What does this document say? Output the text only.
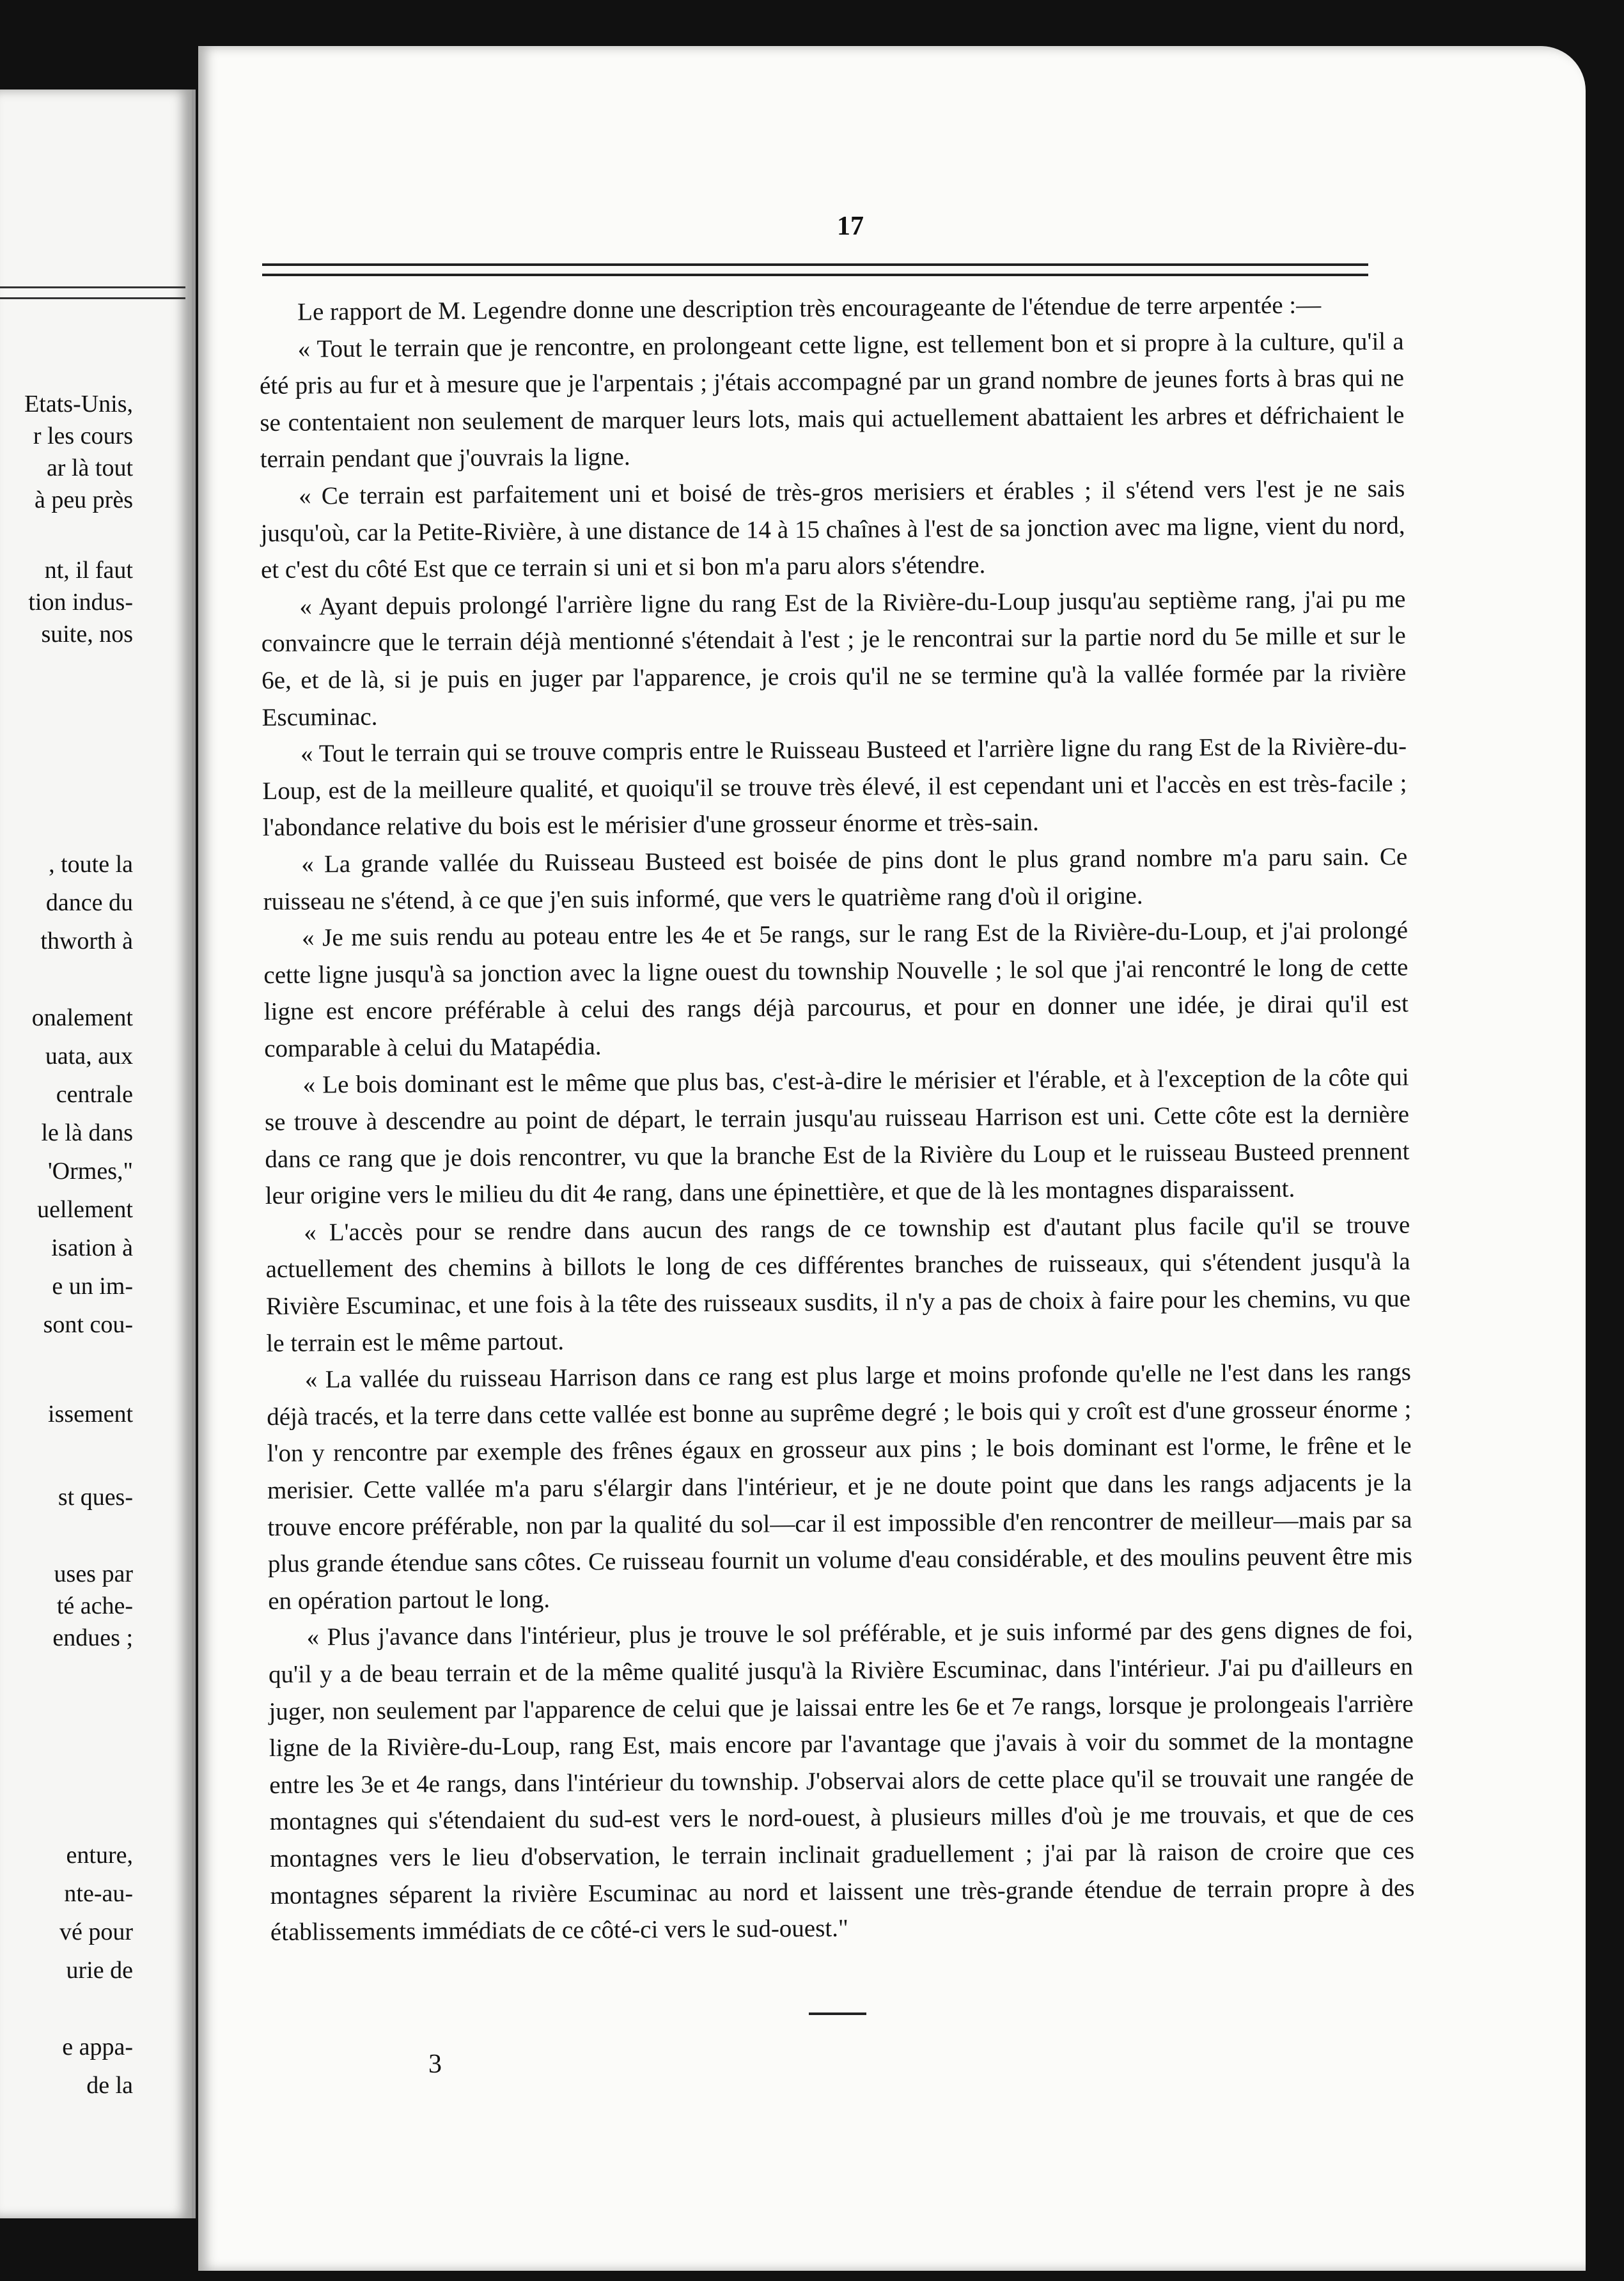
Etats-Unis,
r les cours
ar là tout
à peu près
nt, il faut
tion indus-
suite, nos
, toute la
dance du
thworth à
onalement
uata, aux
centrale
le là dans
'Ormes,"
uellement
isation à
e un im-
sont cou-
issement
st ques-
uses par
té ache-
endues ;
enture,
nte-au-
vé pour
urie de
e appa-
de la
17

Le rapport de M. Legendre donne une description très encourageante de l'étendue de terre arpentée :—

« Tout le terrain que je rencontre, en prolongeant cette ligne, est tellement bon et si propre à la culture, qu'il a été pris au fur et à mesure que je l'arpentais ; j'étais accompagné par un grand nombre de jeunes forts à bras qui ne se contentaient non seulement de marquer leurs lots, mais qui actuellement abattaient les arbres et défrichaient le terrain pendant que j'ouvrais la ligne.

« Ce terrain est parfaitement uni et boisé de très-gros merisiers et érables ; il s'étend vers l'est je ne sais jusqu'où, car la Petite-Rivière, à une distance de 14 à 15 chaînes à l'est de sa jonction avec ma ligne, vient du nord, et c'est du côté Est que ce terrain si uni et si bon m'a paru alors s'étendre.

« Ayant depuis prolongé l'arrière ligne du rang Est de la Rivière-du-Loup jusqu'au septième rang, j'ai pu me convaincre que le terrain déjà mentionné s'étendait à l'est ; je le rencontrai sur la partie nord du 5e mille et sur le 6e, et de là, si je puis en juger par l'apparence, je crois qu'il ne se termine qu'à la vallée formée par la rivière Escuminac.

« Tout le terrain qui se trouve compris entre le Ruisseau Busteed et l'arrière ligne du rang Est de la Rivière-du-Loup, est de la meilleure qualité, et quoiqu'il se trouve très élevé, il est cependant uni et l'accès en est très-facile ; l'abondance relative du bois est le mérisier d'une grosseur énorme et très-sain.

« La grande vallée du Ruisseau Busteed est boisée de pins dont le plus grand nombre m'a paru sain. Ce ruisseau ne s'étend, à ce que j'en suis informé, que vers le quatrième rang d'où il origine.

« Je me suis rendu au poteau entre les 4e et 5e rangs, sur le rang Est de la Rivière-du-Loup, et j'ai prolongé cette ligne jusqu'à sa jonction avec la ligne ouest du township Nouvelle ; le sol que j'ai rencontré le long de cette ligne est encore préférable à celui des rangs déjà parcourus, et pour en donner une idée, je dirai qu'il est comparable à celui du Matapédia.

« Le bois dominant est le même que plus bas, c'est-à-dire le mérisier et l'érable, et à l'exception de la côte qui se trouve à descendre au point de départ, le terrain jusqu'au ruisseau Harrison est uni. Cette côte est la dernière dans ce rang que je dois rencontrer, vu que la branche Est de la Rivière du Loup et le ruisseau Busteed prennent leur origine vers le milieu du dit 4e rang, dans une épinettière, et que de là les montagnes disparaissent.

« L'accès pour se rendre dans aucun des rangs de ce township est d'autant plus facile qu'il se trouve actuellement des chemins à billots le long de ces différentes branches de ruisseaux, qui s'étendent jusqu'à la Rivière Escuminac, et une fois à la tête des ruisseaux susdits, il n'y a pas de choix à faire pour les chemins, vu que le terrain est le même partout.

« La vallée du ruisseau Harrison dans ce rang est plus large et moins profonde qu'elle ne l'est dans les rangs déjà tracés, et la terre dans cette vallée est bonne au suprême degré ; le bois qui y croît est d'une grosseur énorme ; l'on y rencontre par exemple des frênes égaux en grosseur aux pins ; le bois dominant est l'orme, le frêne et le merisier. Cette vallée m'a paru s'élargir dans l'intérieur, et je ne doute point que dans les rangs adjacents je la trouve encore préférable, non par la qualité du sol—car il est impossible d'en rencontrer de meilleur—mais par sa plus grande étendue sans côtes. Ce ruisseau fournit un volume d'eau considérable, et des moulins peuvent être mis en opération partout le long.

« Plus j'avance dans l'intérieur, plus je trouve le sol préférable, et je suis informé par des gens dignes de foi, qu'il y a de beau terrain et de la même qualité jusqu'à la Rivière Escuminac, dans l'intérieur. J'ai pu d'ailleurs en juger, non seulement par l'apparence de celui que je laissai entre les 6e et 7e rangs, lorsque je prolongeais l'arrière ligne de la Rivière-du-Loup, rang Est, mais encore par l'avantage que j'avais à voir du sommet de la montagne entre les 3e et 4e rangs, dans l'intérieur du township. J'observai alors de cette place qu'il se trouvait une rangée de montagnes qui s'étendaient du sud-est vers le nord-ouest, à plusieurs milles d'où je me trouvais, et que de ces montagnes vers le lieu d'observation, le terrain inclinait graduellement ; j'ai par là raison de croire que ces montagnes séparent la rivière Escuminac au nord et laissent une très-grande étendue de terrain propre à des établissements immédiats de ce côté-ci vers le sud-ouest."

3
